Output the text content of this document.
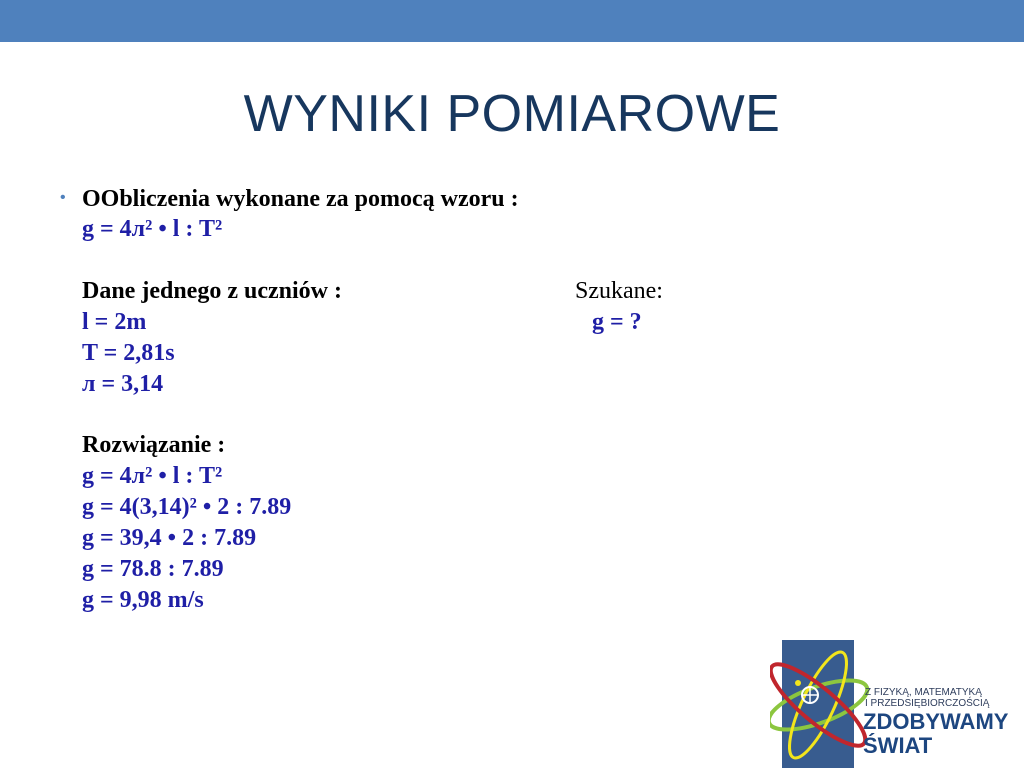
WYNIKI POMIAROWE
• OObliczenia wykonane za pomocą wzoru :
g = 4л² • l : T²
Dane jednego z uczniów :	Szukane:
l = 2m	g = ?
T = 2,81s
л = 3,14
Rozwiązanie :
g = 4л² • l : T²
g = 4(3,14)² • 2 : 7.89
g = 39,4 • 2 : 7.89
g = 78.8 : 7.89
g = 9,98 m/s
Z FIZYKĄ, MATEMATYKĄ
I PRZEDSIĘBIORCZOŚCIĄ
ZDOBYWAMY
ŚWIAT
